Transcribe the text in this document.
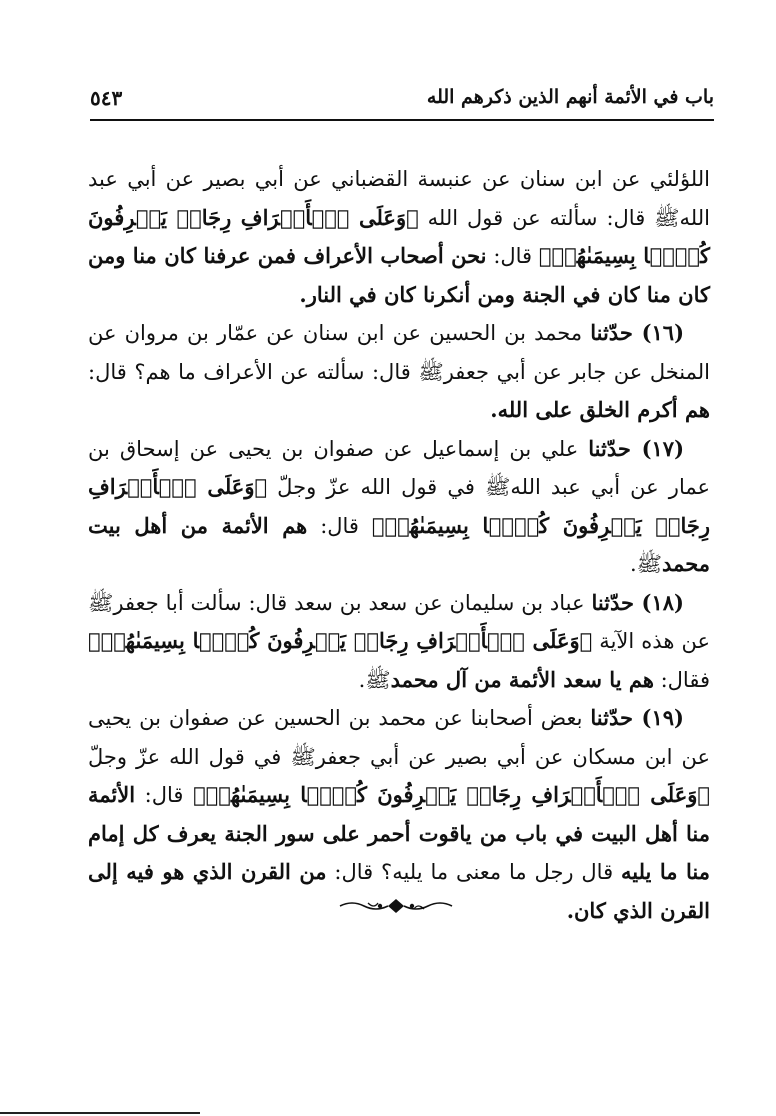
باب في الأئمة أنهم الذين ذكرهم الله
٥٤٣

اللؤلئي عن ابن سنان عن عنبسة القضباني عن أبي بصير عن أبي عبد اللهﷺ قال: سألته عن قول الله ﴿وَعَلَى ٱلۡأَعۡرَافِ رِجَالٞ يَعۡرِفُونَ كُلَّۢا بِسِيمَىٰهُمۡ﴾ قال: نحن أصحاب الأعراف فمن عرفنا كان منا ومن كان منا كان في الجنة ومن أنكرنا كان في النار.

(١٦) حدّثنا محمد بن الحسين عن ابن سنان عن عمّار بن مروان عن المنخل عن جابر عن أبي جعفرﷺ قال: سألته عن الأعراف ما هم؟ قال: هم أكرم الخلق على الله.

(١٧) حدّثنا علي بن إسماعيل عن صفوان بن يحيى عن إسحاق بن عمار عن أبي عبد اللهﷺ في قول الله عزّ وجلّ ﴿وَعَلَى ٱلۡأَعۡرَافِ رِجَالٞ يَعۡرِفُونَ كُلَّۢا بِسِيمَىٰهُمۡ﴾ قال: هم الأئمة من أهل بيت محمدﷺ.

(١٨) حدّثنا عباد بن سليمان عن سعد بن سعد قال: سألت أبا جعفرﷺ عن هذه الآية ﴿وَعَلَى ٱلۡأَعۡرَافِ رِجَالٞ يَعۡرِفُونَ كُلَّۢا بِسِيمَىٰهُمۡ﴾ فقال: هم يا سعد الأئمة من آل محمدﷺ.

(١٩) حدّثنا بعض أصحابنا عن محمد بن الحسين عن صفوان بن يحيى عن ابن مسكان عن أبي بصير عن أبي جعفرﷺ في قول الله عزّ وجلّ ﴿وَعَلَى ٱلۡأَعۡرَافِ رِجَالٞ يَعۡرِفُونَ كُلَّۢا بِسِيمَىٰهُمۡ﴾ قال: الأئمة منا أهل البيت في باب من ياقوت أحمر على سور الجنة يعرف كل إمام منا ما يليه قال رجل ما معنى ما يليه؟ قال: من القرن الذي هو فيه إلى القرن الذي كان.
